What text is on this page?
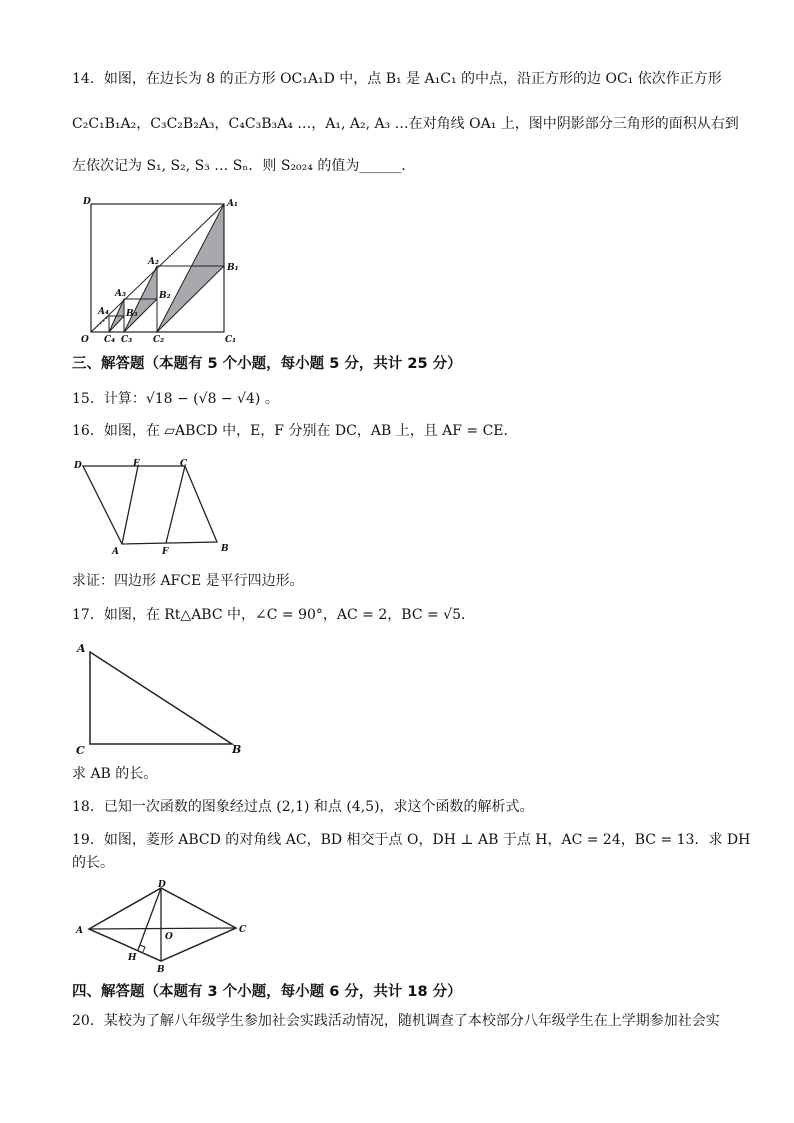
14．如图，在边长为 8 的正方形 OC₁A₁D 中，点 B₁ 是 A₁C₁ 的中点，沿正方形的边 OC₁ 依次作正方形
C₂C₁B₁A₂，C₃C₂B₂A₃，C₄C₃B₃A₄ …，A₁, A₂, A₃ …在对角线 OA₁ 上，图中阴影部分三角形的面积从右到
左依次记为 S₁, S₂, S₃ … Sₙ．则 S₂₀₂₄ 的值为______．
D	A₁
B₁
C₁
O
A₂
B₂
C₂
A₃
B₃
C₃
A₄
C₄
三、解答题（本题有 5 个小题，每小题 5 分，共计 25 分）
15．计算：√18 − (√8 − √4) 。
16．如图，在 ▱ABCD 中，E，F 分别在 DC，AB 上，且 AF = CE．
D	E	C
A	F	B
求证：四边形 AFCE 是平行四边形。
17．如图，在 Rt△ABC 中，∠C = 90°，AC = 2，BC = √5．
A
C	B
求 AB 的长。
18．已知一次函数的图象经过点 (2,1) 和点 (4,5)，求这个函数的解析式。
19．如图，菱形 ABCD 的对角线 AC，BD 相交于点 O，DH ⊥ AB 于点 H，AC = 24，BC = 13．求 DH
的长。
A
D
C
O
H
B
四、解答题（本题有 3 个小题，每小题 6 分，共计 18 分）
20．某校为了解八年级学生参加社会实践活动情况，随机调查了本校部分八年级学生在上学期参加社会实
